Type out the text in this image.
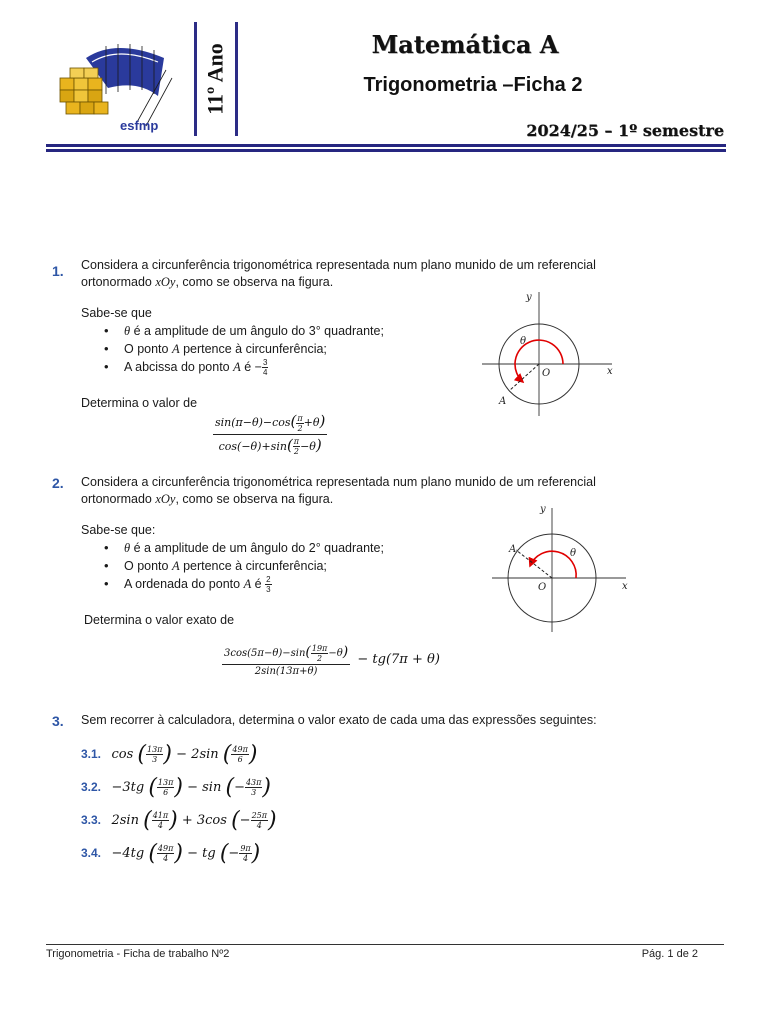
esfmp
11º Ano	Matemática A
Trigonometria –Ficha 2
2024/25 – 1º semestre
1. Considera a circunferência trigonométrica representada num plano munido de um referencial
ortonormado xOy, como se observa na figura.
Sabe-se que
• θ é a amplitude de um ângulo do 3° quadrante;
• O ponto A pertence à circunferência;
• A abcissa do ponto A é − $\frac{3}{4}$
Determina o valor de
$\frac{\sin(\pi-\theta)-\cos( \frac{\pi}{2} +\theta)}{\cos(-\theta)+\sin( \frac{\pi}{2} -\theta)}$
y
x
O
θ
A
2. Considera a circunferência trigonométrica representada num plano munido de um referencial
ortonormado xOy, como se observa na figura.
Sabe-se que:
• θ é a amplitude de um ângulo do 2° quadrante;
• O ponto A pertence à circunferência;
• A ordenada do ponto A é $\frac{2}{3}$
Determina o valor exato de
$\frac{3\cos(5\pi-\theta)-\sin( \frac{19\pi}{2} -\theta)}{2\sin(13\pi+\theta)} - tg(7\pi + \theta)$
y
x
O
θ
A
3. Sem recorrer à calculadora, determina o valor exato de cada uma das expressões seguintes:
3.1. cos ( $\frac{13\pi}{3}$ ) − 2sin ( $\frac{49\pi}{6}$ )
3.2. −3tg ( $\frac{13\pi}{6}$ ) − sin (− $\frac{43\pi}{3}$ )
3.3. 2sin ( $\frac{41\pi}{4}$ ) + 3cos (− $\frac{25\pi}{4}$ )
3.4. −4tg ( $\frac{49\pi}{4}$ ) − tg (− $\frac{9\pi}{4}$ )
Trigonometria - Ficha de trabalho Nº2	Pág. 1 de 2
